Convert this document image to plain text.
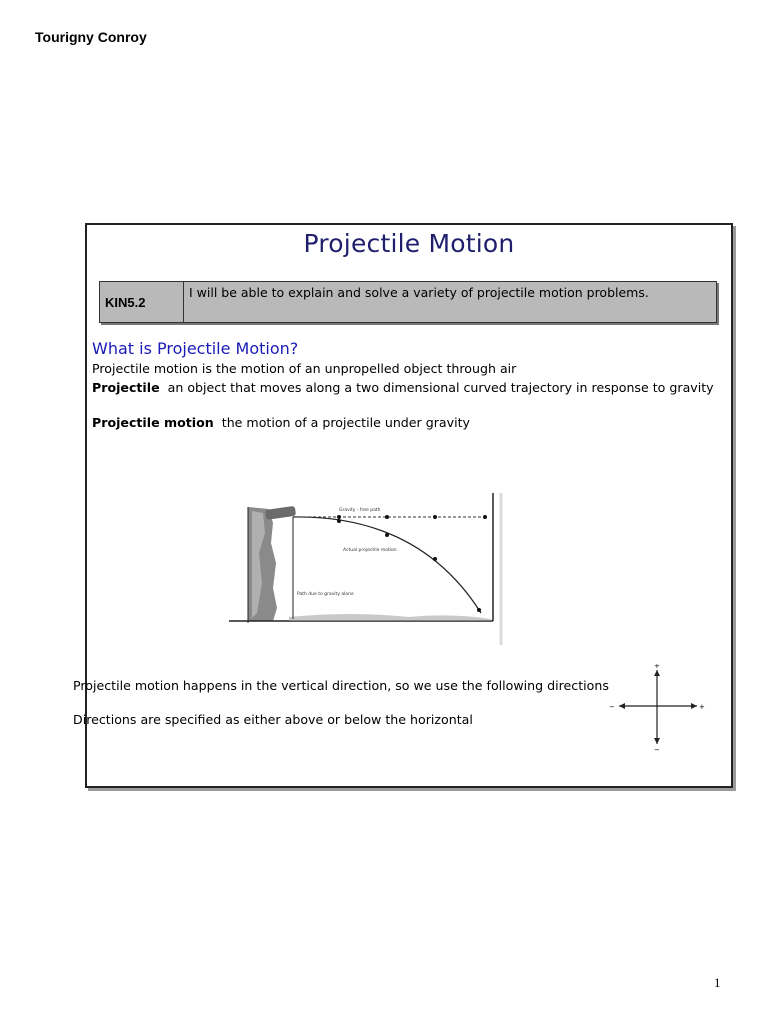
Tourigny Conroy
Projectile Motion
KIN5.2
I will be able to explain and solve a variety of projectile motion problems.
What is Projectile Motion?
Projectile motion is the motion of an unpropelled object through air
Projectile an object that moves along a two dimensional curved trajectory in response to gravity
Projectile motion the motion of a projectile under gravity
Gravity - free path
Actual projectile motion
Path due to gravity alone
Projectile motion happens in the vertical direction, so we use the following directions
Directions are specified as either above or below the horizontal
+
−
−	+
1
